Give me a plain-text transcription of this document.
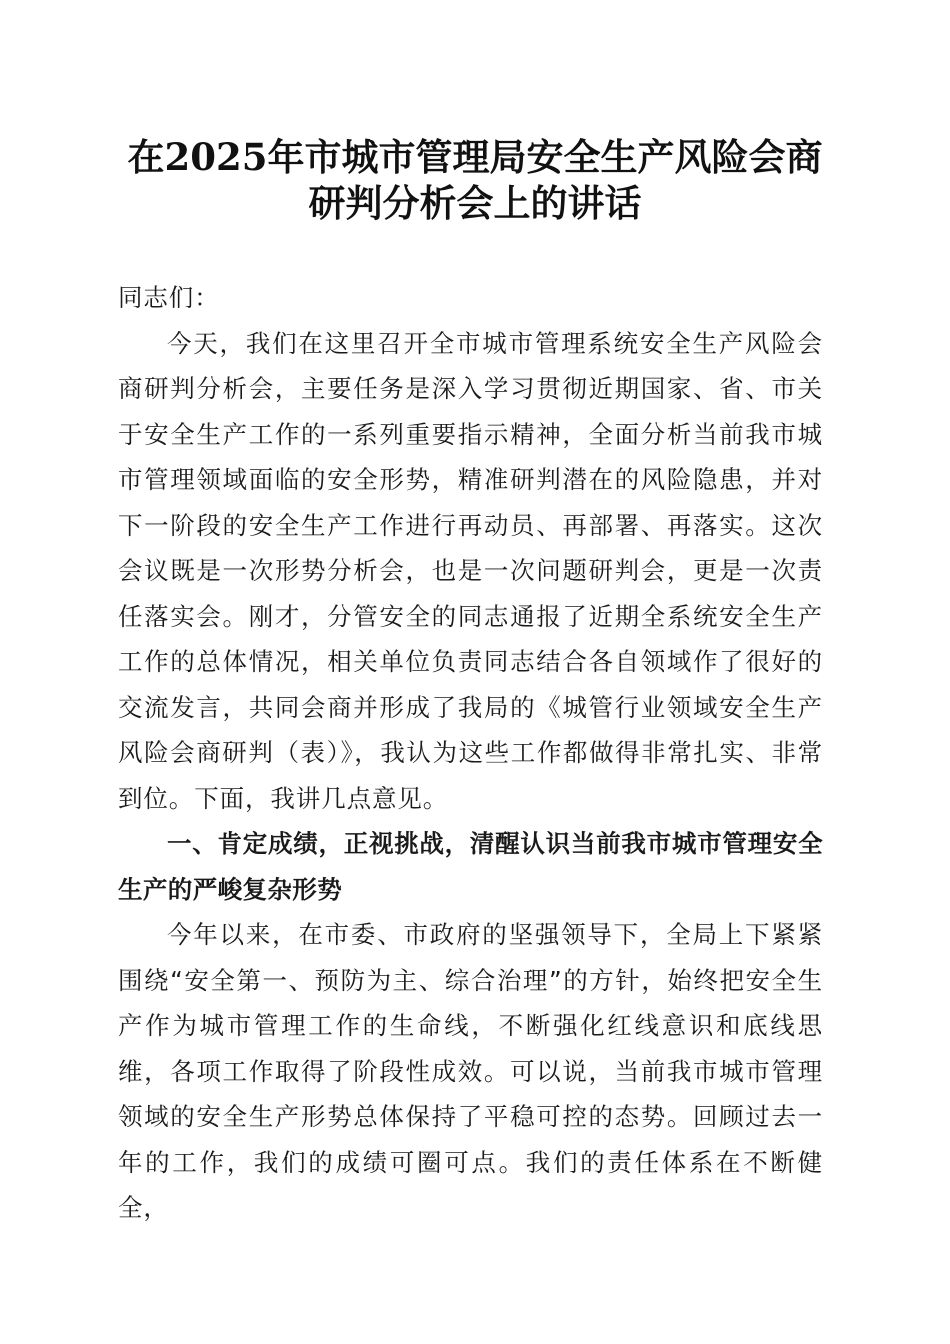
在2025年市城市管理局安全生产风险会商研判分析会上的讲话

同志们：

今天，我们在这里召开全市城市管理系统安全生产风险会商研判分析会，主要任务是深入学习贯彻近期国家、省、市关于安全生产工作的一系列重要指示精神，全面分析当前我市城市管理领域面临的安全形势，精准研判潜在的风险隐患，并对下一阶段的安全生产工作进行再动员、再部署、再落实。这次会议既是一次形势分析会，也是一次问题研判会，更是一次责任落实会。刚才，分管安全的同志通报了近期全系统安全生产工作的总体情况，相关单位负责同志结合各自领域作了很好的交流发言，共同会商并形成了我局的《城管行业领域安全生产风险会商研判（表）》，我认为这些工作都做得非常扎实、非常到位。下面，我讲几点意见。

一、肯定成绩，正视挑战，清醒认识当前我市城市管理安全生产的严峻复杂形势

今年以来，在市委、市政府的坚强领导下，全局上下紧紧围绕“安全第一、预防为主、综合治理”的方针，始终把安全生产作为城市管理工作的生命线，不断强化红线意识和底线思维，各项工作取得了阶段性成效。可以说，当前我市城市管理领域的安全生产形势总体保持了平稳可控的态势。回顾过去一年的工作，我们的成绩可圈可点。我们的责任体系在不断健全，
